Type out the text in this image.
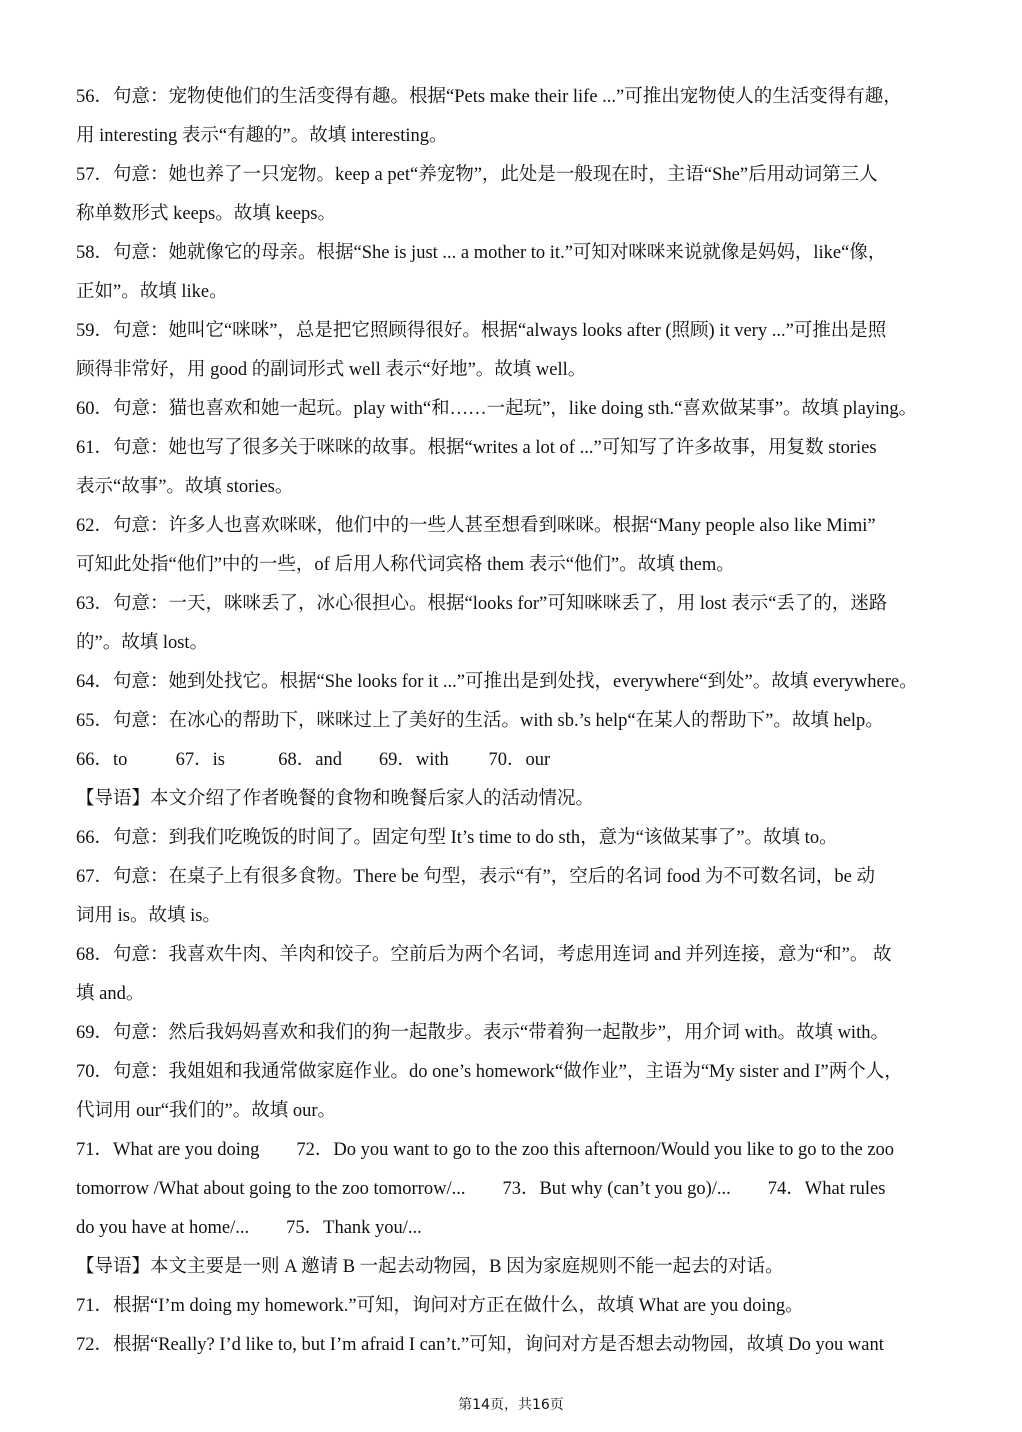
56．句意：宠物使他们的生活变得有趣。根据“Pets make their life ...”可推出宠物使人的生活变得有趣，
用 interesting 表示“有趣的”。故填 interesting。
57．句意：她也养了一只宠物。keep a pet“养宠物”，此处是一般现在时，主语“She”后用动词第三人
称单数形式 keeps。故填 keeps。
58．句意：她就像它的母亲。根据“She is just ... a mother to it.”可知对咪咪来说就像是妈妈，like“像，
正如”。故填 like。
59．句意：她叫它“咪咪”，总是把它照顾得很好。根据“always looks after (照顾) it very ...”可推出是照
顾得非常好，用 good 的副词形式 well 表示“好地”。故填 well。
60．句意：猫也喜欢和她一起玩。play with“和……一起玩”，like doing sth.“喜欢做某事”。故填 playing。
61．句意：她也写了很多关于咪咪的故事。根据“writes a lot of ...”可知写了许多故事，用复数 stories
表示“故事”。故填 stories。
62．句意：许多人也喜欢咪咪，他们中的一些人甚至想看到咪咪。根据“Many people also like Mimi”
可知此处指“他们”中的一些，of 后用人称代词宾格 them 表示“他们”。故填 them。
63．句意：一天，咪咪丢了，冰心很担心。根据“looks for”可知咪咪丢了，用 lost 表示“丢了的，迷路
的”。故填 lost。
64．句意：她到处找它。根据“She looks for it ...”可推出是到处找，everywhere“到处”。故填 everywhere。
65．句意：在冰心的帮助下，咪咪过上了美好的生活。with sb.’s help“在某人的帮助下”。故填 help。
66．to	67．is	68．and 69．with 70．our
【导语】本文介绍了作者晚餐的食物和晚餐后家人的活动情况。
66．句意：到我们吃晚饭的时间了。固定句型 It’s time to do sth，意为“该做某事了”。故填 to。
67．句意：在桌子上有很多食物。There be 句型，表示“有”，空后的名词 food 为不可数名词，be 动
词用 is。故填 is。
68．句意：我喜欢牛肉、羊肉和饺子。空前后为两个名词，考虑用连词 and 并列连接，意为“和”。 故
填 and。
69．句意：然后我妈妈喜欢和我们的狗一起散步。表示“带着狗一起散步”，用介词 with。故填 with。
70．句意：我姐姐和我通常做家庭作业。do one’s homework“做作业”，主语为“My sister and I”两个人，
代词用 our“我们的”。故填 our。
71．What are you doing        72．Do you want to go to the zoo this afternoon/Would you like to go to the zoo
tomorrow /What about going to the zoo tomorrow/...        73．But why (can’t you go)/...        74．What rules
do you have at home/...        75．Thank you/...
【导语】本文主要是一则 A 邀请 B 一起去动物园，B 因为家庭规则不能一起去的对话。
71．根据“I’m doing my homework.”可知，询问对方正在做什么，故填 What are you doing。
72．根据“Really? I’d like to, but I’m afraid I can’t.”可知，询问对方是否想去动物园，故填 Do you want
第14页，共16页
